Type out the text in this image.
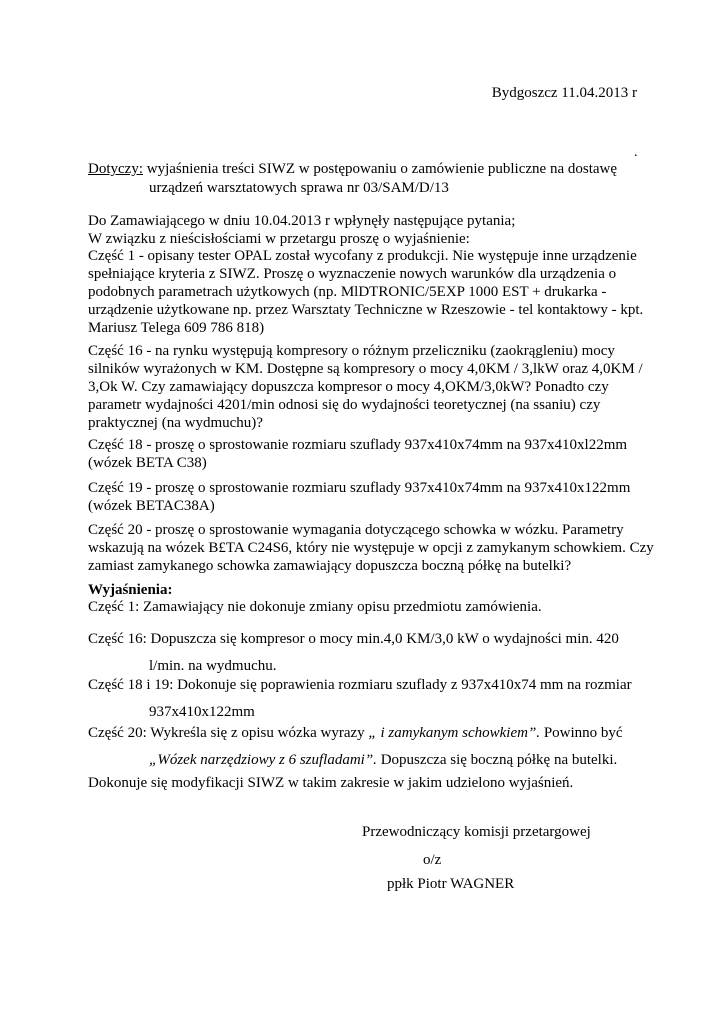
Bydgoszcz 11.04.2013 r
.
Dotyczy: wyjaśnienia treści SIWZ w postępowaniu o zamówienie publiczne na dostawę
urządzeń warsztatowych sprawa nr 03/SAM/D/13
Do Zamawiającego w dniu 10.04.2013 r wpłynęły następujące pytania;
W związku z nieścisłościami w przetargu proszę o wyjaśnienie:
Część 1 - opisany tester OPAL został wycofany z produkcji. Nie występuje inne urządzenie spełniające kryteria z SIWZ. Proszę o wyznaczenie nowych warunków dla urządzenia o podobnych parametrach użytkowych (np. MlDTRONIC/5EXP 1000 EST + drukarka - urządzenie użytkowane np. przez Warsztaty Techniczne w Rzeszowie - tel kontaktowy - kpt. Mariusz Telega 609 786 818)
Część 16 - na rynku występują kompresory o różnym przeliczniku (zaokrągleniu) mocy silników wyrażonych w KM. Dostępne są kompresory o mocy 4,0KM / 3,lkW oraz 4,0KM / 3,Ok W. Czy zamawiający dopuszcza kompresor o mocy 4,OKM/3,0kW? Ponadto czy parametr wydajności 4201/min odnosi się do wydajności teoretycznej (na ssaniu) czy praktycznej (na wydmuchu)?
Część 18 - proszę o sprostowanie rozmiaru szuflady 937x410x74mm na 937x410xl22mm (wózek BETA C38)
Część 19 - proszę o sprostowanie rozmiaru szuflady 937x410x74mm na 937x410x122mm (wózek BETAC38A)
Część 20 - proszę o sprostowanie wymagania dotyczącego schowka w wózku. Parametry wskazują na wózek B£TA C24S6, który nie występuje w opcji z zamykanym schowkiem. Czy zamiast zamykanego schowka zamawiający dopuszcza boczną półkę na butelki?
Wyjaśnienia:
Część 1: Zamawiający nie dokonuje zmiany opisu przedmiotu zamówienia.
Część 16: Dopuszcza się kompresor o mocy min.4,0 KM/3,0 kW o wydajności min. 420
l/min. na wydmuchu.
Część 18 i 19: Dokonuje się poprawienia rozmiaru szuflady z 937x410x74 mm na rozmiar
937x410x122mm
Część 20: Wykreśla się z opisu wózka wyrazy „ i zamykanym schowkiem”. Powinno być
„Wózek narzędziowy z 6 szufladami”. Dopuszcza się boczną półkę na butelki.
Dokonuje się modyfikacji SIWZ w takim zakresie w jakim udzielono wyjaśnień.
Przewodniczący komisji przetargowej
o/z
ppłk Piotr WAGNER
